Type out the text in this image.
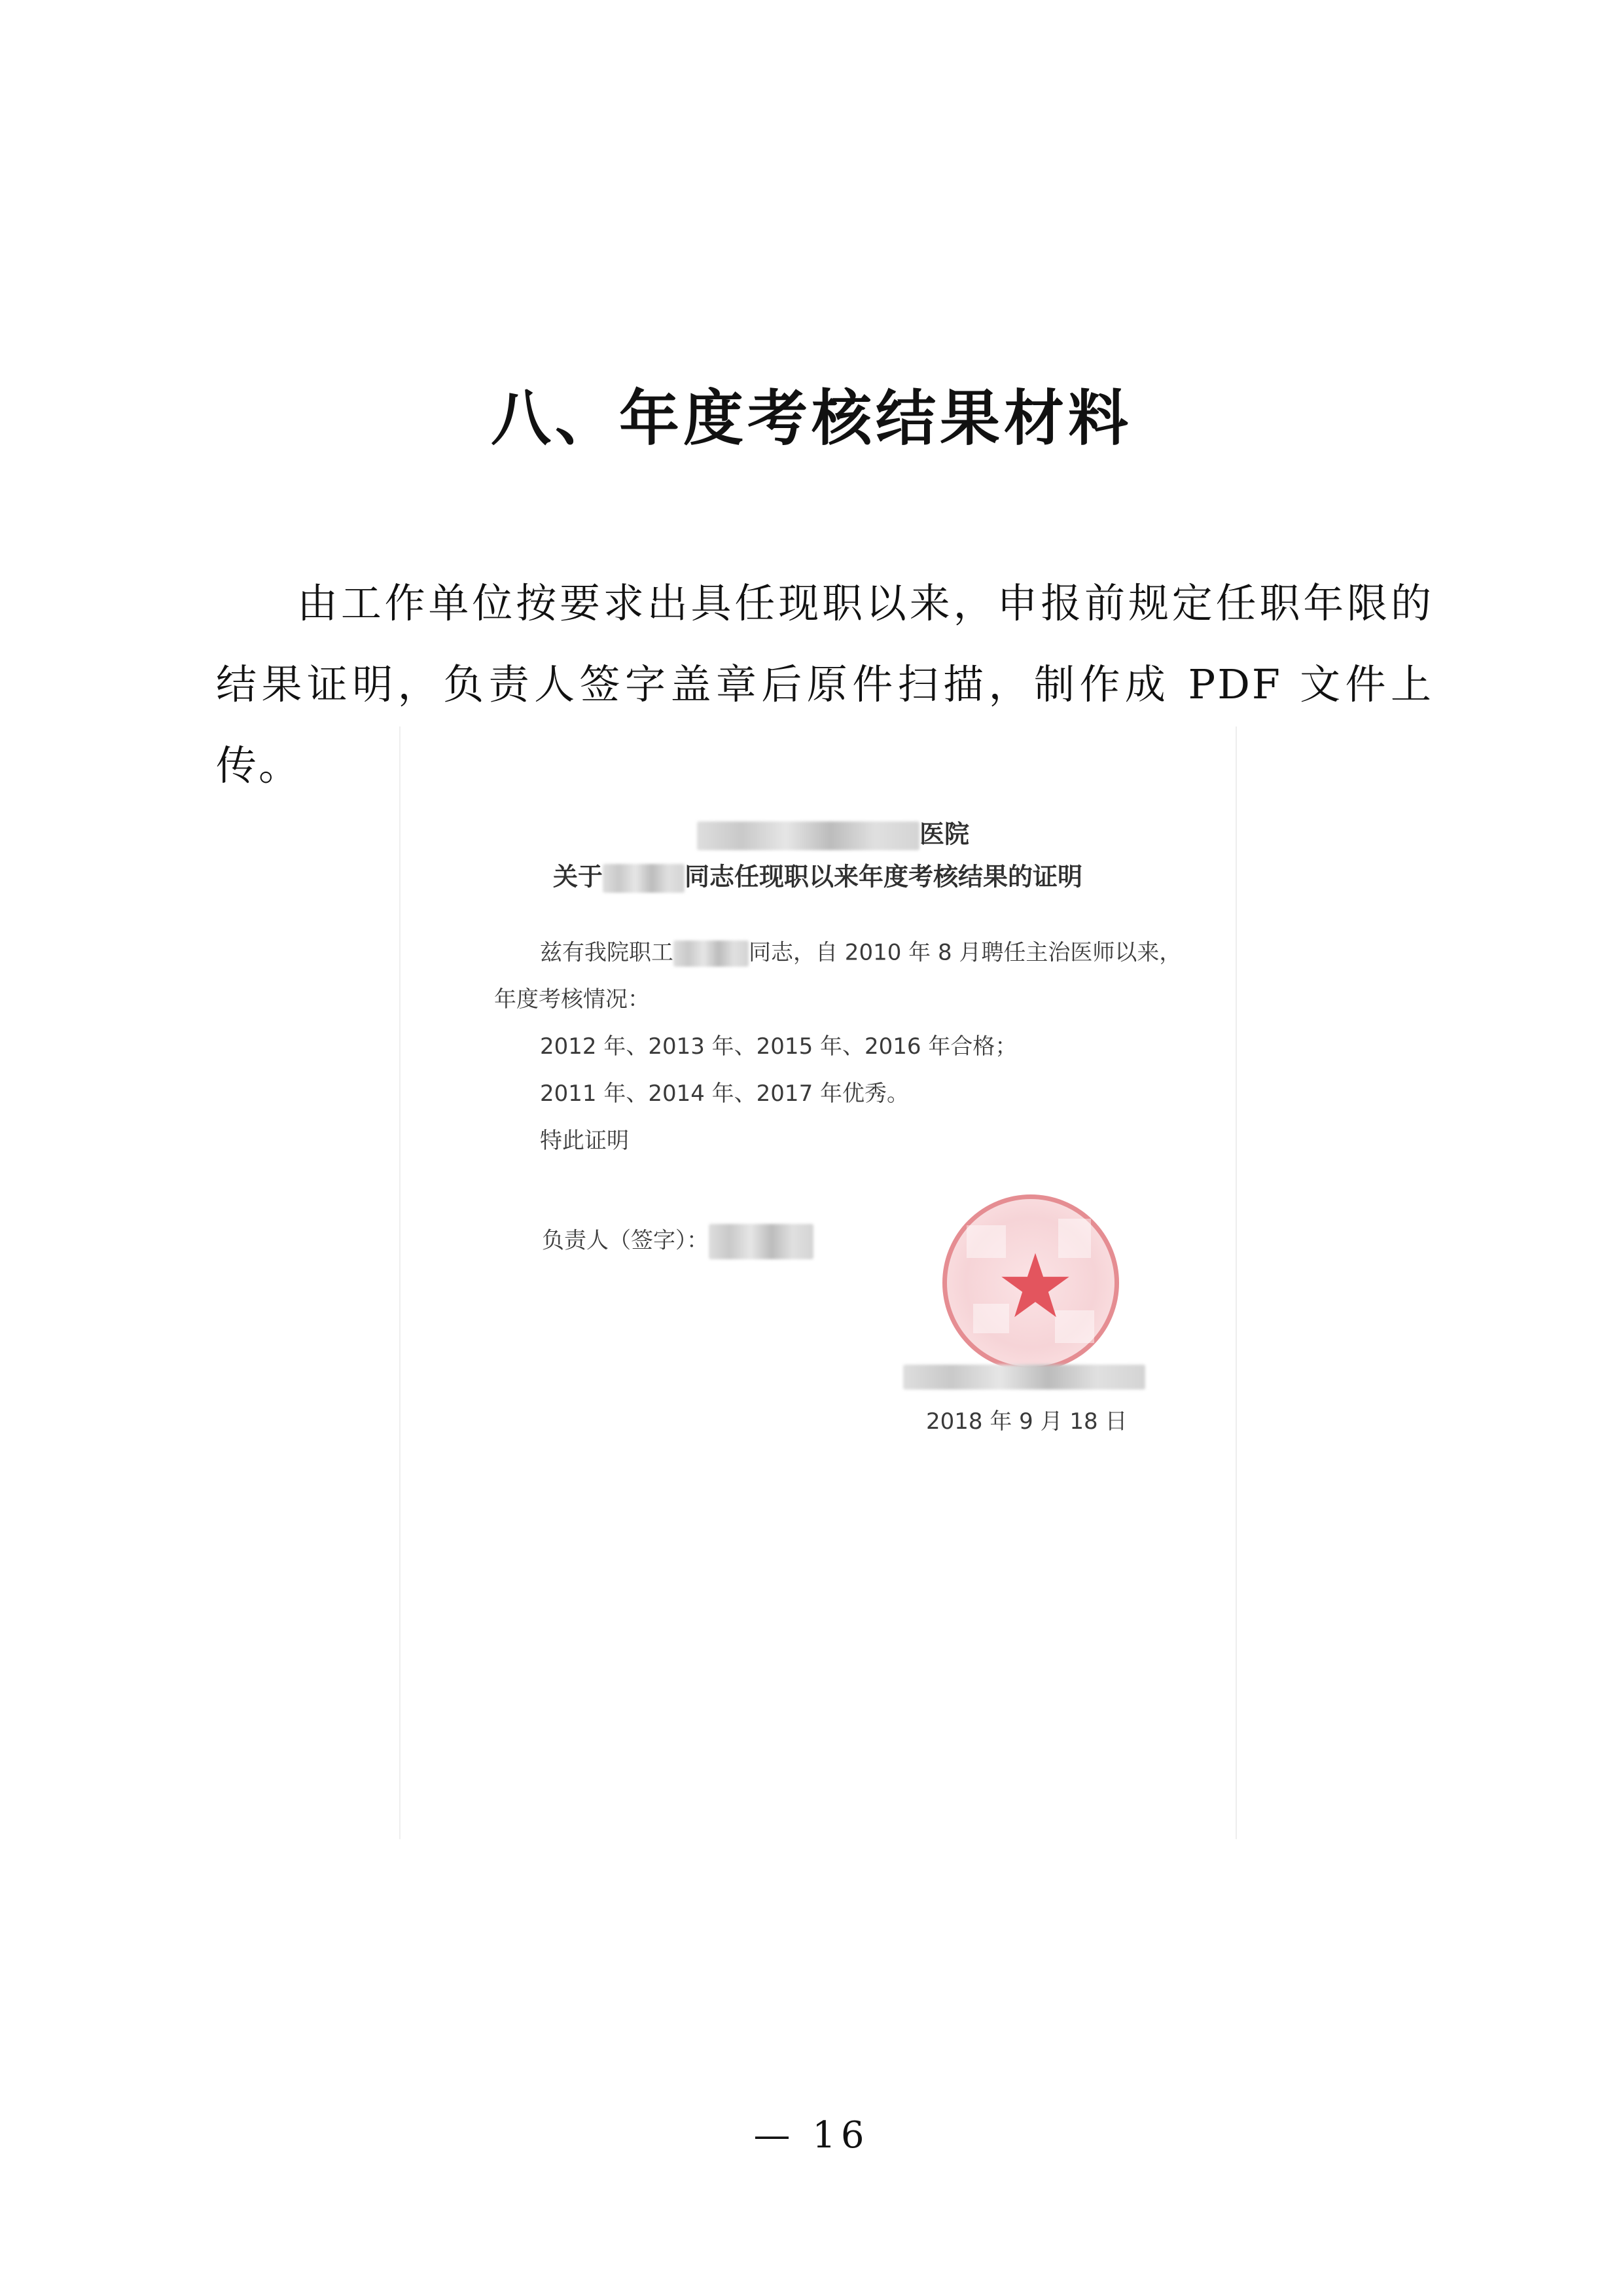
八、年度考核结果材料

由工作单位按要求出具任现职以来，申报前规定任职年限的结果证明，负责人签字盖章后原件扫描，制作成 PDF 文件上传。

医院
关于	同志任现职以来年度考核结果的证明
兹有我院职工	同志，自 2010 年 8 月聘任主治医师以来，
年度考核情况：
2012 年、2013 年、2015 年、2016 年合格；
2011 年、2014 年、2017 年优秀。
特此证明
负责人（签字）：
2018 年 9 月 18 日
— 16
